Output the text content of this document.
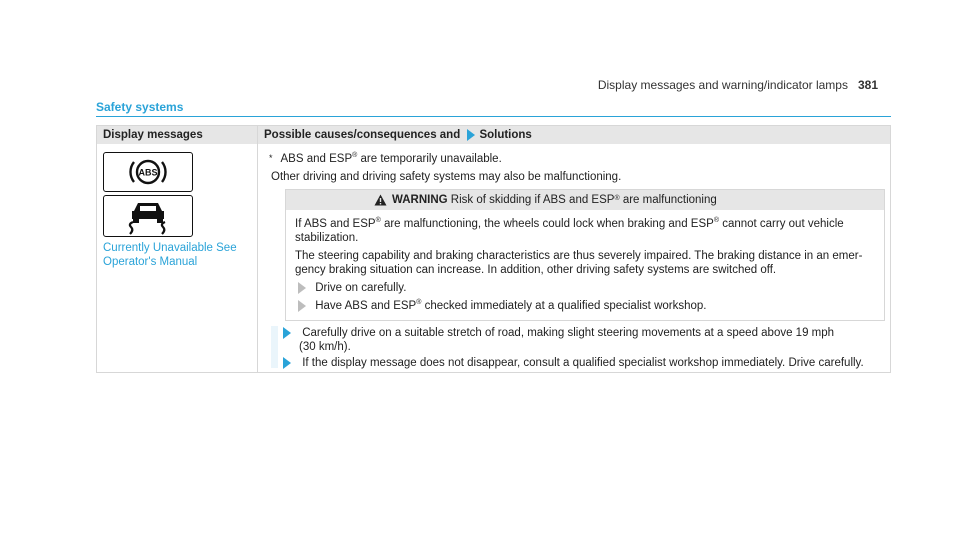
Display messages and warning/indicator lamps 381
Safety systems
Display messages	Possible causes/consequences and Solutions
ABS
Currently Unavailable See Operator's Manual
* ABS and ESP® are temporarily unavailable.
Other driving and driving safety systems may also be malfunctioning.
WARNING Risk of skidding if ABS and ESP® are malfunctioning
If ABS and ESP® are malfunctioning, the wheels could lock when braking and ESP® cannot carry out vehicle
stabilization.
The steering capability and braking characteristics are thus severely impaired. The braking distance in an emer-
gency braking situation can increase. In addition, other driving safety systems are switched off.
Drive on carefully.
Have ABS and ESP® checked immediately at a qualified specialist workshop.
Carefully drive on a suitable stretch of road, making slight steering movements at a speed above 19 mph
(30 km/h).
If the display message does not disappear, consult a qualified specialist workshop immediately. Drive carefully.
